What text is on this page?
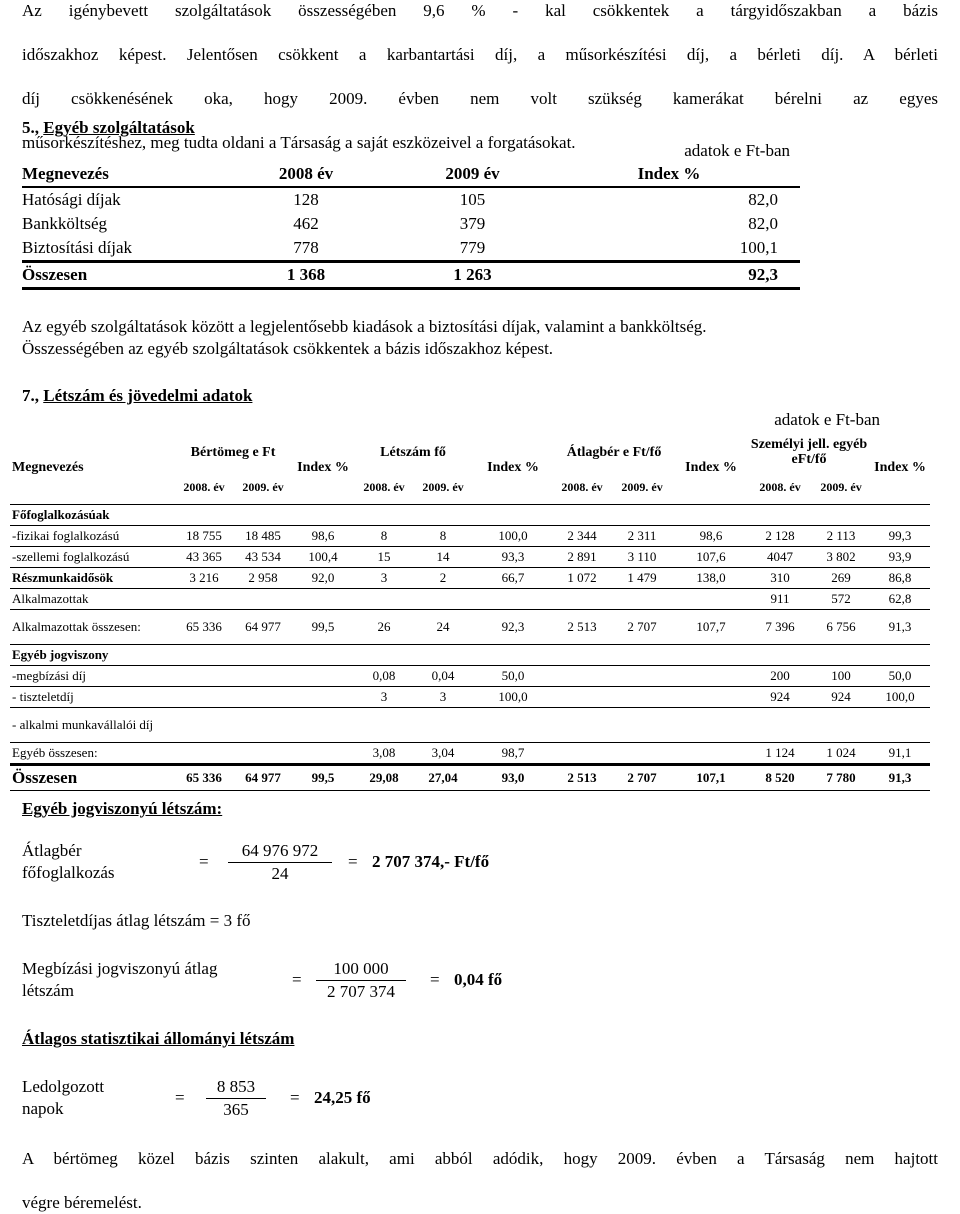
Az igénybevett szolgáltatások összességében 9,6 % - kal csökkentek a tárgyidőszakban a bázis

időszakhoz képest. Jelentősen csökkent a karbantartási díj, a műsorkészítési díj, a bérleti díj. A bérleti

díj csökkenésének oka, hogy 2009. évben nem volt szükség kamerákat bérelni az egyes

műsorkészítéshez, meg tudta oldani a Társaság a saját eszközeivel a forgatásokat.

5., Egyéb szolgáltatások
adatok e Ft-ban
Megnevezés	2008 év	2009 év	Index %
Hatósági díjak	128	105	82,0
Bankköltség	462	379	82,0
Biztosítási díjak	778	779	100,1
Összesen	1 368	1 263	92,3

Az egyéb szolgáltatások között a legjelentősebb kiadások a biztosítási díjak, valamint a bankköltség.

Összességében az egyéb szolgáltatások csökkentek a bázis időszakhoz képest.

7., Létszám és jövedelmi adatok
adatok e Ft-ban
Megnevezés	Bértömeg e Ft		Index %	Létszám fő		Index %	Átlagbér e Ft/fő		Index %	Személyi jell. egyéb eFt/fő		Index %
	2008. év	2009. év		2008. év	2009. év		2008. év	2009. év		2008. év	2009. év	
Főfoglalkozásúak												
-fizikai foglalkozású	18 755	18 485	98,6	8	8	100,0	2 344	2 311	98,6	2 128	2 113	99,3
-szellemi foglalkozású	43 365	43 534	100,4	15	14	93,3	2 891	3 110	107,6	4047	3 802	93,9
Részmunkaidősök	3 216	2 958	92,0	3	2	66,7	1 072	1 479	138,0	310	269	86,8
Alkalmazottak										911	572	62,8
Alkalmazottak összesen:	65 336	64 977	99,5	26	24	92,3	2 513	2 707	107,7	7 396	6 756	91,3
Egyéb jogviszony												
-megbízási díj				0,08	0,04	50,0				200	100	50,0
- tiszteletdíj				3	3	100,0				924	924	100,0
- alkalmi munkavállalói díj												
Egyéb összesen:				3,08	3,04	98,7				1 124	1 024	91,1
Összesen	65 336	64 977	99,5	29,08	27,04	93,0	2 513	2 707	107,1	8 520	7 780	91,3
Egyéb jogviszonyú létszám:
Átlagbér
főfoglalkozás
= $\frac{64 976 972}{24} = 2$ 707 374,- Ft/fő
Tiszteletdíjas átlag létszám = 3 fő
Megbízási jogviszonyú átlag
létszám
= $\frac{100 000}{2 707 374} = 0,04$ fő
Átlagos statisztikai állományi létszám
Ledolgozott
napok
= $\frac{8 853}{365} = 24,25$ fő

A bértömeg közel bázis szinten alakult, ami abból adódik, hogy 2009. évben a Társaság nem hajtott

végre béremelést.
